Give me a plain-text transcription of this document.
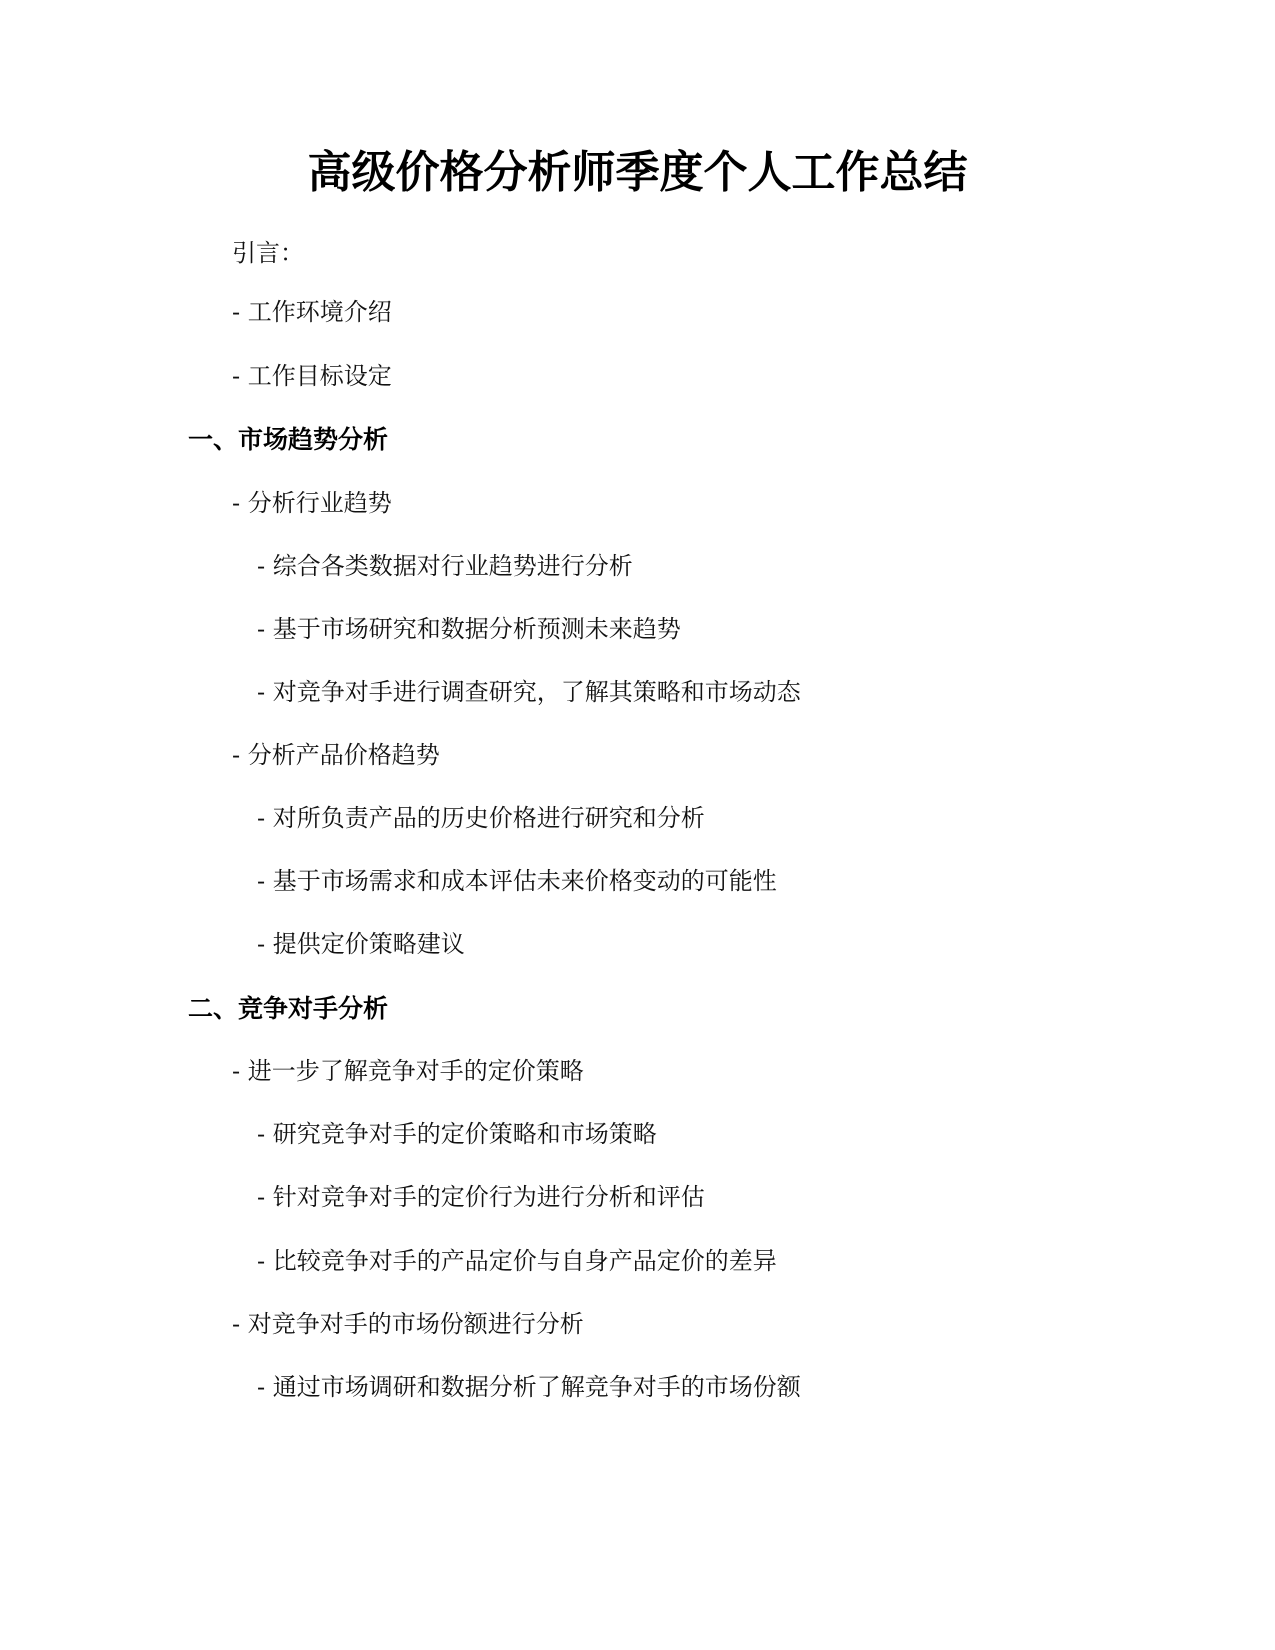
高级价格分析师季度个人工作总结
引言：
- 工作环境介绍
- 工作目标设定
一、市场趋势分析
- 分析行业趋势
- 综合各类数据对行业趋势进行分析
- 基于市场研究和数据分析预测未来趋势
- 对竞争对手进行调查研究，了解其策略和市场动态
- 分析产品价格趋势
- 对所负责产品的历史价格进行研究和分析
- 基于市场需求和成本评估未来价格变动的可能性
- 提供定价策略建议
二、竞争对手分析
- 进一步了解竞争对手的定价策略
- 研究竞争对手的定价策略和市场策略
- 针对竞争对手的定价行为进行分析和评估
- 比较竞争对手的产品定价与自身产品定价的差异
- 对竞争对手的市场份额进行分析
- 通过市场调研和数据分析了解竞争对手的市场份额
